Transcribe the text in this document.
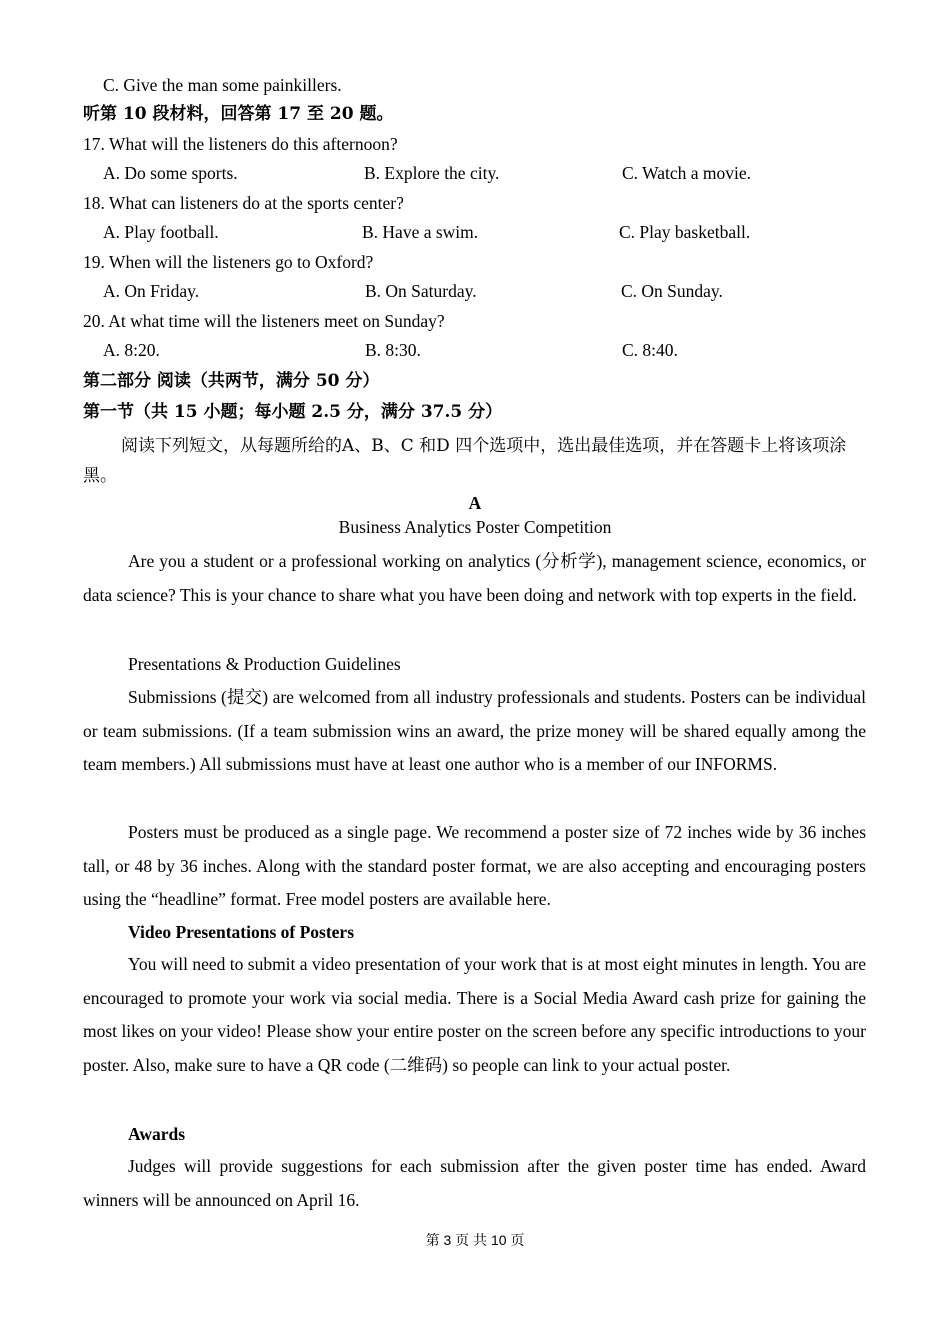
C. Give the man some painkillers.
听第 10 段材料，回答第 17 至 20 题。
17. What will the listeners do this afternoon?
A. Do some sports.	B. Explore the city.	C. Watch a movie.
18. What can listeners do at the sports center?
A. Play football.	B. Have a swim.	C. Play basketball.
19. When will the listeners go to Oxford?
A. On Friday.	B. On Saturday.	C. On Sunday.
20. At what time will the listeners meet on Sunday?
A. 8:20.	B. 8:30.	C. 8:40.
第二部分 阅读（共两节，满分 50 分）
第一节（共 15 小题；每小题 2.5 分，满分 37.5 分）
阅读下列短文，从每题所给的A、B、C 和D 四个选项中，选出最佳选项，并在答题卡上将该项涂黑。
A
Business Analytics Poster Competition
Are you a student or a professional working on analytics (分析学), management science, economics, or data science? This is your chance to share what you have been doing and network with top experts in the field.
Presentations & Production Guidelines
Submissions (提交) are welcomed from all industry professionals and students. Posters can be individual or team submissions. (If a team submission wins an award, the prize money will be shared equally among the team members.) All submissions must have at least one author who is a member of our INFORMS.
Posters must be produced as a single page. We recommend a poster size of 72 inches wide by 36 inches tall, or 48 by 36 inches. Along with the standard poster format, we are also accepting and encouraging posters using the “headline” format. Free model posters are available here.
Video Presentations of Posters
You will need to submit a video presentation of your work that is at most eight minutes in length. You are encouraged to promote your work via social media. There is a Social Media Award cash prize for gaining the most likes on your video! Please show your entire poster on the screen before any specific introductions to your poster. Also, make sure to have a QR code (二维码) so people can link to your actual poster.
Awards
Judges will provide suggestions for each submission after the given poster time has ended. Award winners will be announced on April 16.
第 3 页 共 10 页
